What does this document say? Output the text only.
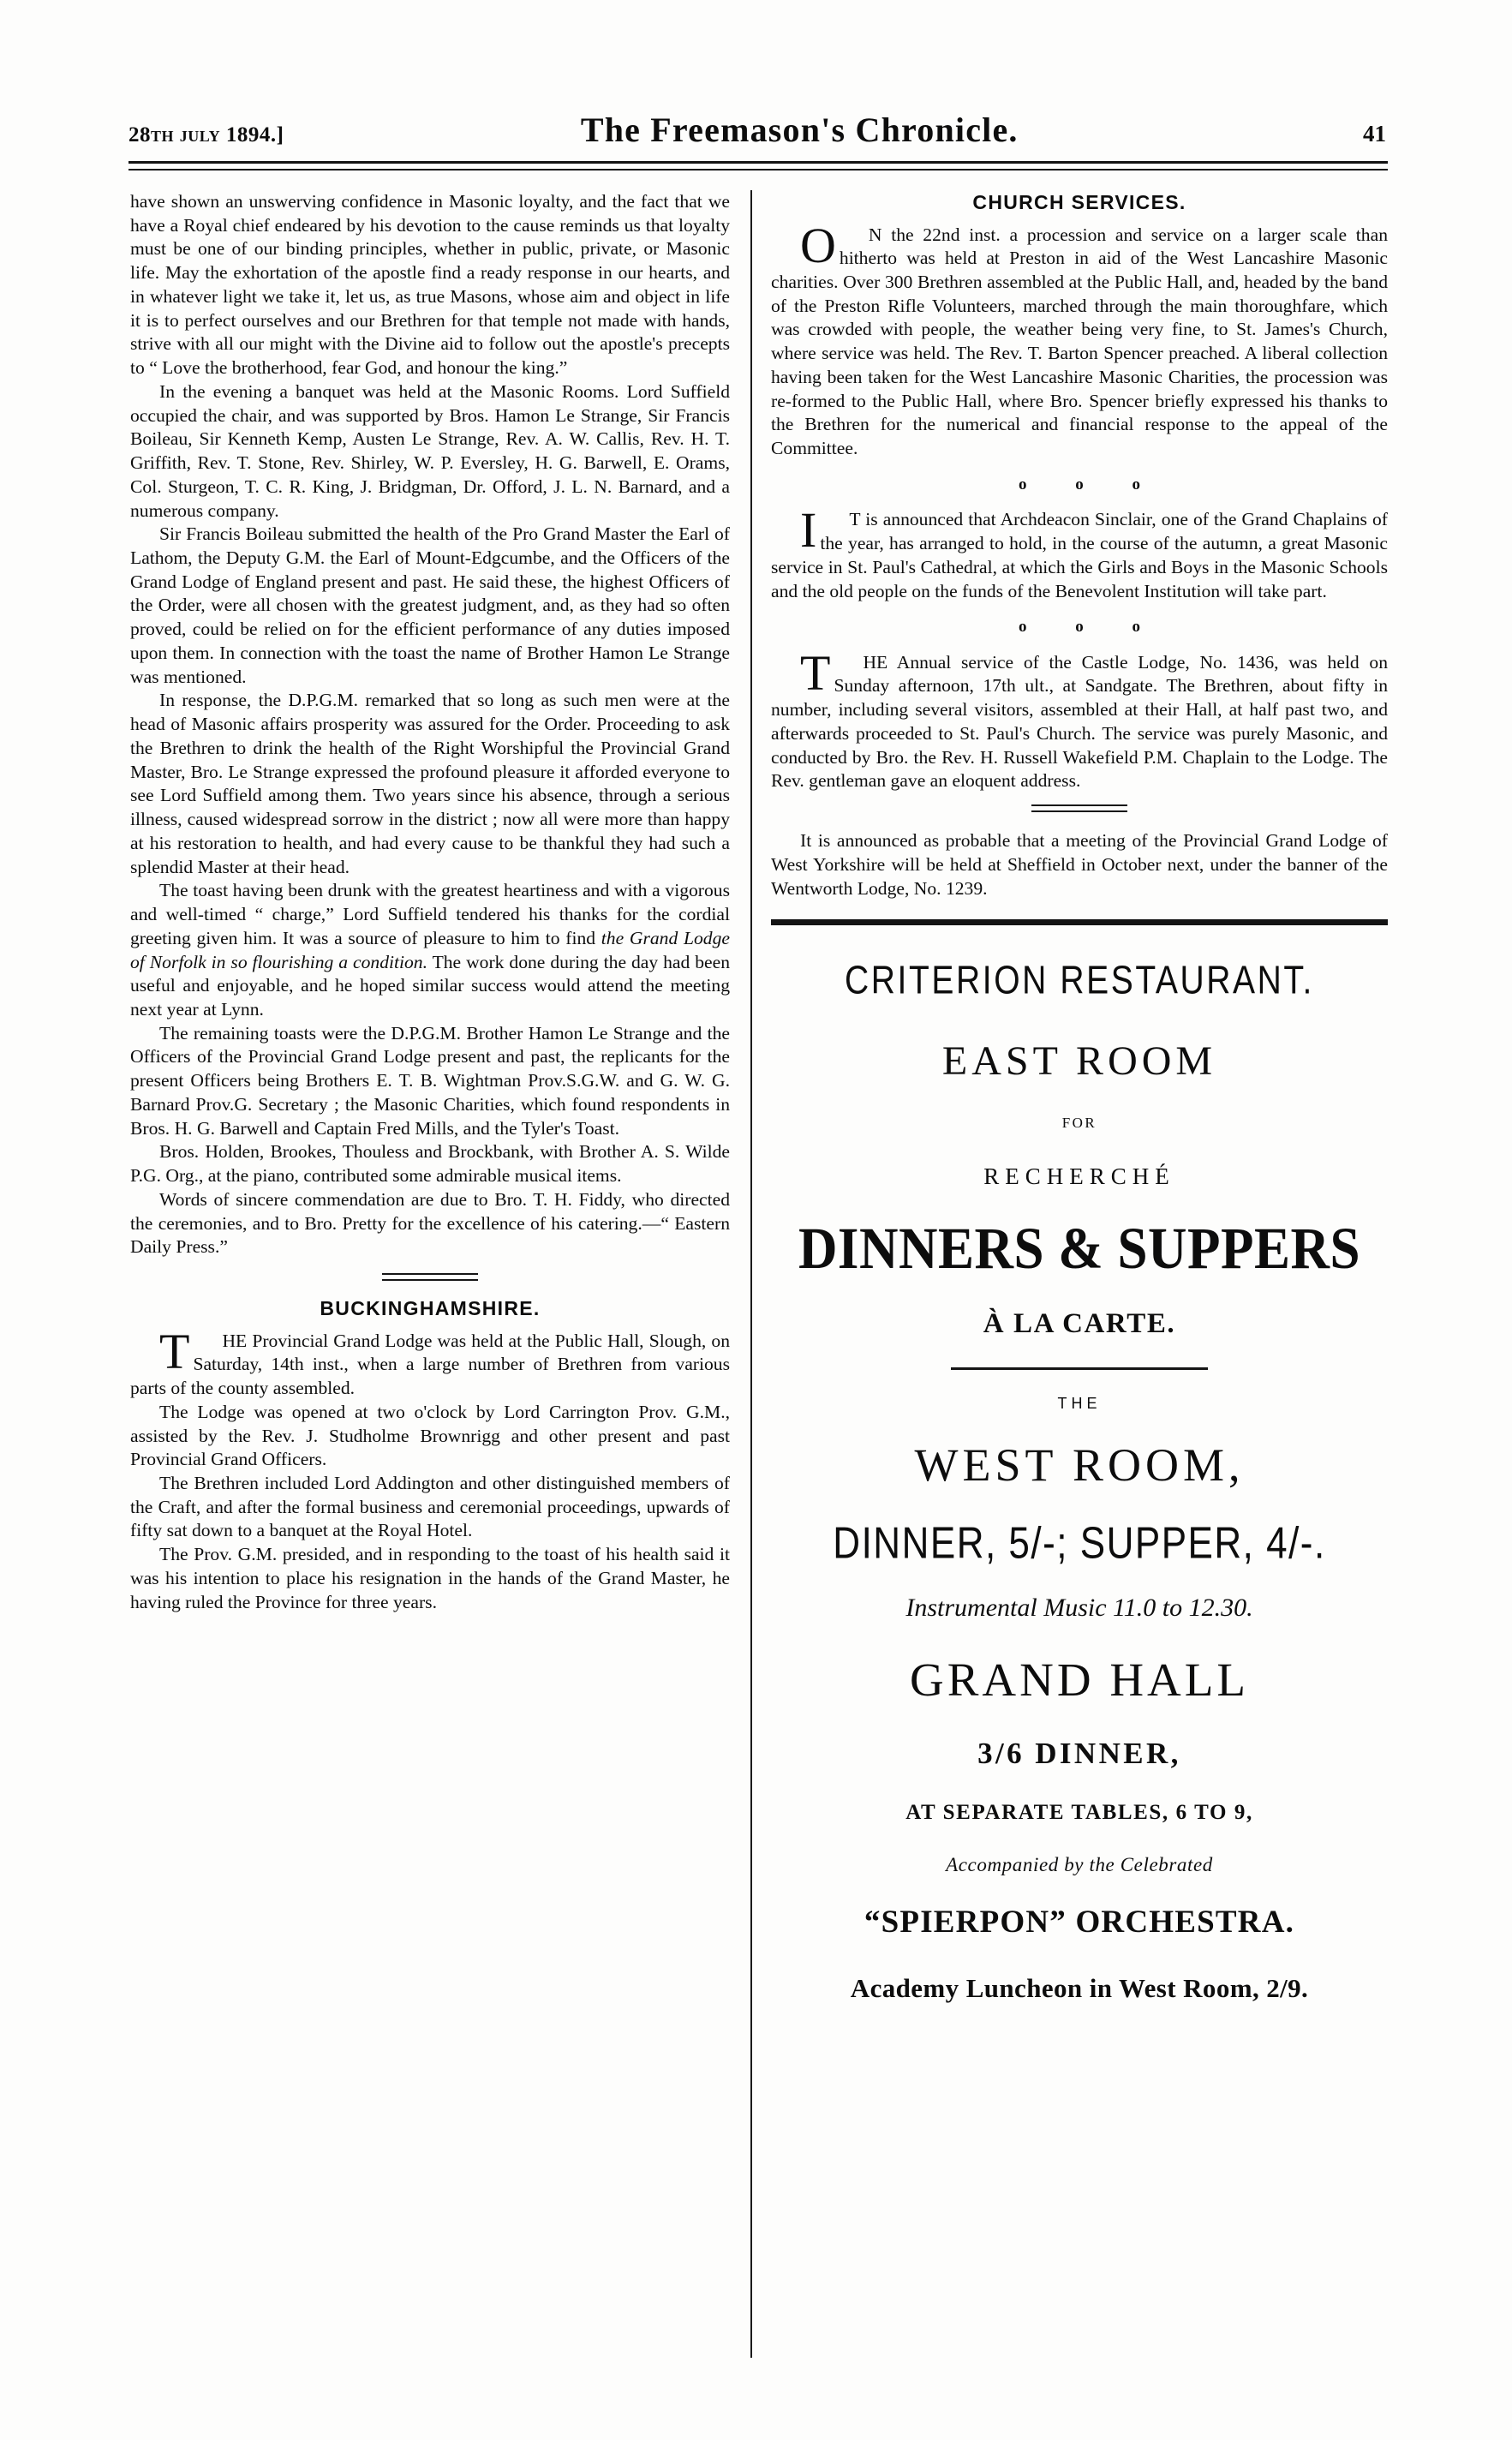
28TH JULY 1894.]	The Freemason's Chronicle.	41

have shown an unswerving confidence in Masonic loyalty, and the fact that we have a Royal chief endeared by his devotion to the cause reminds us that loyalty must be one of our binding principles, whether in public, private, or Masonic life. May the exhortation of the apostle find a ready response in our hearts, and in whatever light we take it, let us, as true Masons, whose aim and object in life it is to perfect ourselves and our Brethren for that temple not made with hands, strive with all our might with the Divine aid to follow out the apostle's precepts to “ Love the brotherhood, fear God, and honour the king.”

In the evening a banquet was held at the Masonic Rooms. Lord Suffield occupied the chair, and was supported by Bros. Hamon Le Strange, Sir Francis Boileau, Sir Kenneth Kemp, Austen Le Strange, Rev. A. W. Callis, Rev. H. T. Griffith, Rev. T. Stone, Rev. Shirley, W. P. Eversley, H. G. Barwell, E. Orams, Col. Sturgeon, T. C. R. King, J. Bridgman, Dr. Offord, J. L. N. Barnard, and a numerous company.

Sir Francis Boileau submitted the health of the Pro Grand Master the Earl of Lathom, the Deputy G.M. the Earl of Mount-Edgcumbe, and the Officers of the Grand Lodge of England present and past. He said these, the highest Officers of the Order, were all chosen with the greatest judgment, and, as they had so often proved, could be relied on for the efficient performance of any duties imposed upon them. In connection with the toast the name of Brother Hamon Le Strange was mentioned.

In response, the D.P.G.M. remarked that so long as such men were at the head of Masonic affairs prosperity was assured for the Order. Proceeding to ask the Brethren to drink the health of the Right Worshipful the Provincial Grand Master, Bro. Le Strange expressed the profound pleasure it afforded everyone to see Lord Suffield among them. Two years since his absence, through a serious illness, caused widespread sorrow in the district ; now all were more than happy at his restoration to health, and had every cause to be thankful they had such a splendid Master at their head.

The toast having been drunk with the greatest heartiness and with a vigorous and well-timed “ charge,” Lord Suffield tendered his thanks for the cordial greeting given him. It was a source of pleasure to him to find the Grand Lodge of Norfolk in so flourishing a condition. The work done during the day had been useful and enjoyable, and he hoped similar success would attend the meeting next year at Lynn.

The remaining toasts were the D.P.G.M. Brother Hamon Le Strange and the Officers of the Provincial Grand Lodge present and past, the replicants for the present Officers being Brothers E. T. B. Wightman Prov.S.G.W. and G. W. G. Barnard Prov.G. Secretary ; the Masonic Charities, which found respondents in Bros. H. G. Barwell and Captain Fred Mills, and the Tyler's Toast.

Bros. Holden, Brookes, Thouless and Brockbank, with Brother A. S. Wilde P.G. Org., at the piano, contributed some admirable musical items.

Words of sincere commendation are due to Bro. T. H. Fiddy, who directed the ceremonies, and to Bro. Pretty for the excellence of his catering.—“ Eastern Daily Press.”

BUCKINGHAMSHIRE.

T HE Provincial Grand Lodge was held at the Public Hall, Slough, on Saturday, 14th inst., when a large number of Brethren from various parts of the county assembled.

The Lodge was opened at two o'clock by Lord Carrington Prov. G.M., assisted by the Rev. J. Studholme Brownrigg and other present and past Provincial Grand Officers.

The Brethren included Lord Addington and other distinguished members of the Craft, and after the formal business and ceremonial proceedings, upwards of fifty sat down to a banquet at the Royal Hotel.

The Prov. G.M. presided, and in responding to the toast of his health said it was his intention to place his resignation in the hands of the Grand Master, he having ruled the Province for three years.

CHURCH SERVICES.

O N the 22nd inst. a procession and service on a larger scale than hitherto was held at Preston in aid of the West Lancashire Masonic charities. Over 300 Brethren assembled at the Public Hall, and, headed by the band of the Preston Rifle Volunteers, marched through the main thoroughfare, which was crowded with people, the weather being very fine, to St. James's Church, where service was held. The Rev. T. Barton Spencer preached. A liberal collection having been taken for the West Lancashire Masonic Charities, the procession was re-formed to the Public Hall, where Bro. Spencer briefly expressed his thanks to the Brethren for the numerical and financial response to the appeal of the Committee.

o o o

I T is announced that Archdeacon Sinclair, one of the Grand Chaplains of the year, has arranged to hold, in the course of the autumn, a great Masonic service in St. Paul's Cathedral, at which the Girls and Boys in the Masonic Schools and the old people on the funds of the Benevolent Institution will take part.

o o o

T HE Annual service of the Castle Lodge, No. 1436, was held on Sunday afternoon, 17th ult., at Sandgate. The Brethren, about fifty in number, including several visitors, assembled at their Hall, at half past two, and afterwards proceeded to St. Paul's Church. The service was purely Masonic, and conducted by Bro. the Rev. H. Russell Wakefield P.M. Chaplain to the Lodge. The Rev. gentleman gave an eloquent address.

It is announced as probable that a meeting of the Provincial Grand Lodge of West Yorkshire will be held at Sheffield in October next, under the banner of the Wentworth Lodge, No. 1239.

CRITERION RESTAURANT.
EAST ROOM
FOR
RECHERCHÉ
DINNERS & SUPPERS
À LA CARTE.
THE
WEST ROOM,
DINNER, 5/-; SUPPER, 4/-.
Instrumental Music 11.0 to 12.30.
GRAND HALL
3/6 DINNER,
AT SEPARATE TABLES, 6 TO 9,
Accompanied by the Celebrated
“SPIERPON” ORCHESTRA.
Academy Luncheon in West Room, 2/9.
